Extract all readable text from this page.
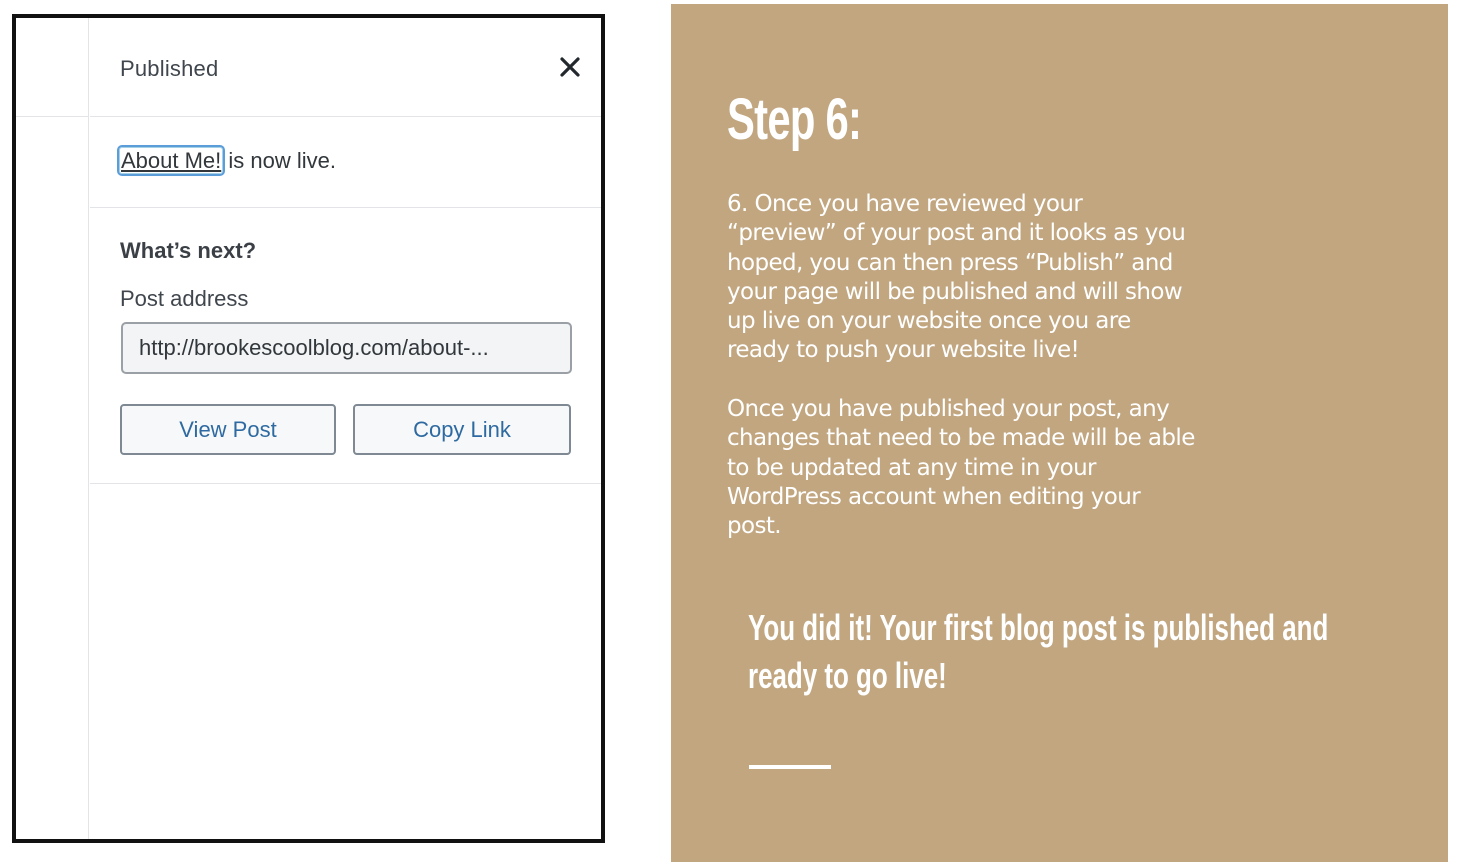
Published
About Me! is now live.
What’s next?
Post address
http://brookescoolblog.com/about-...
View Post	Copy Link
Step 6:
6. Once you have reviewed your “preview” of your post and it looks as you hoped, you can then press “Publish” and your page will be published and will show up live on your website once you are ready to push your website live!
Once you have published your post, any changes that need to be made will be able to be updated at any time in your WordPress account when editing your post.
You did it! Your first blog post is published and ready to go live!
